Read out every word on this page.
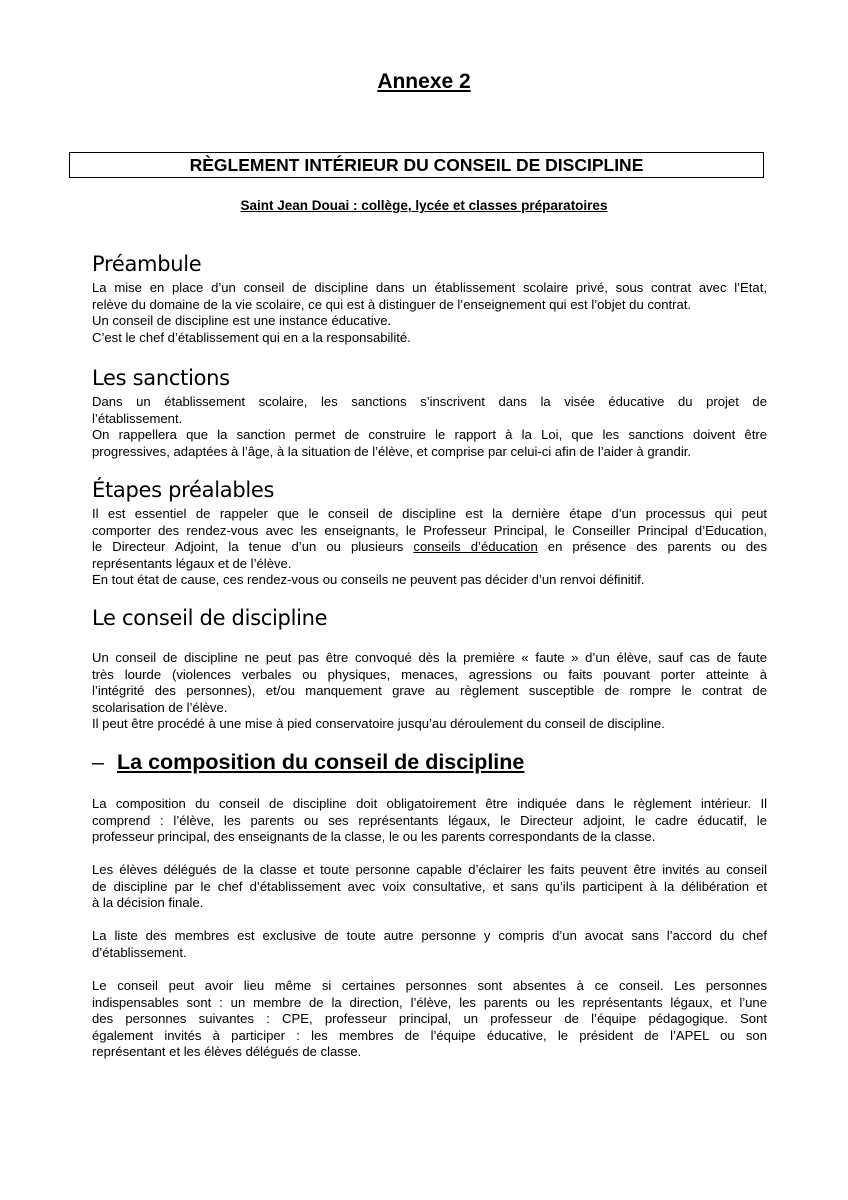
Annexe 2
RÈGLEMENT INTÉRIEUR DU CONSEIL DE DISCIPLINE
Saint Jean Douai : collège, lycée et classes préparatoires
Préambule
La mise en place d’un conseil de discipline dans un établissement scolaire privé, sous contrat avec l’Etat,
relève du domaine de la vie scolaire, ce qui est à distinguer de l’enseignement qui est l’objet du contrat.
Un conseil de discipline est une instance éducative.
C’est le chef d’établissement qui en a la responsabilité.
Les sanctions
Dans un établissement scolaire, les sanctions s’inscrivent dans la visée éducative du projet de
l’établissement.
On rappellera que la sanction permet de construire le rapport à la Loi, que les sanctions doivent être
progressives, adaptées à l’âge, à la situation de l’élève, et comprise par celui-ci afin de l’aider à grandir.
Étapes préalables
Il est essentiel de rappeler que le conseil de discipline est la dernière étape d’un processus qui peut
comporter des rendez-vous avec les enseignants, le Professeur Principal, le Conseiller Principal d’Education,
le Directeur Adjoint, la tenue d’un ou plusieurs conseils d’éducation en présence des parents ou des
représentants légaux et de l’élève.
En tout état de cause, ces rendez-vous ou conseils ne peuvent pas décider d’un renvoi définitif.
Le conseil de discipline
Un conseil de discipline ne peut pas être convoqué dès la première « faute » d’un élève, sauf cas de faute
très lourde (violences verbales ou physiques, menaces, agressions ou faits pouvant porter atteinte à
l’intégrité des personnes), et/ou manquement grave au règlement susceptible de rompre le contrat de
scolarisation de l’élève.
Il peut être procédé à une mise à pied conservatoire jusqu’au déroulement du conseil de discipline.
– La composition du conseil de discipline
La composition du conseil de discipline doit obligatoirement être indiquée dans le règlement intérieur. Il
comprend : l’élève, les parents ou ses représentants légaux, le Directeur adjoint, le cadre éducatif, le
professeur principal, des enseignants de la classe, le ou les parents correspondants de la classe.
Les élèves délégués de la classe et toute personne capable d’éclairer les faits peuvent être invités au conseil
de discipline par le chef d’établissement avec voix consultative, et sans qu’ils participent à la délibération et
à la décision finale.
La liste des membres est exclusive de toute autre personne y compris d’un avocat sans l’accord du chef
d’établissement.
Le conseil peut avoir lieu même si certaines personnes sont absentes à ce conseil. Les personnes
indispensables sont : un membre de la direction, l’élève, les parents ou les représentants légaux, et l’une
des personnes suivantes : CPE, professeur principal, un professeur de l’équipe pédagogique. Sont
également invités à participer : les membres de l’équipe éducative, le président de l’APEL ou son
représentant et les élèves délégués de classe.
